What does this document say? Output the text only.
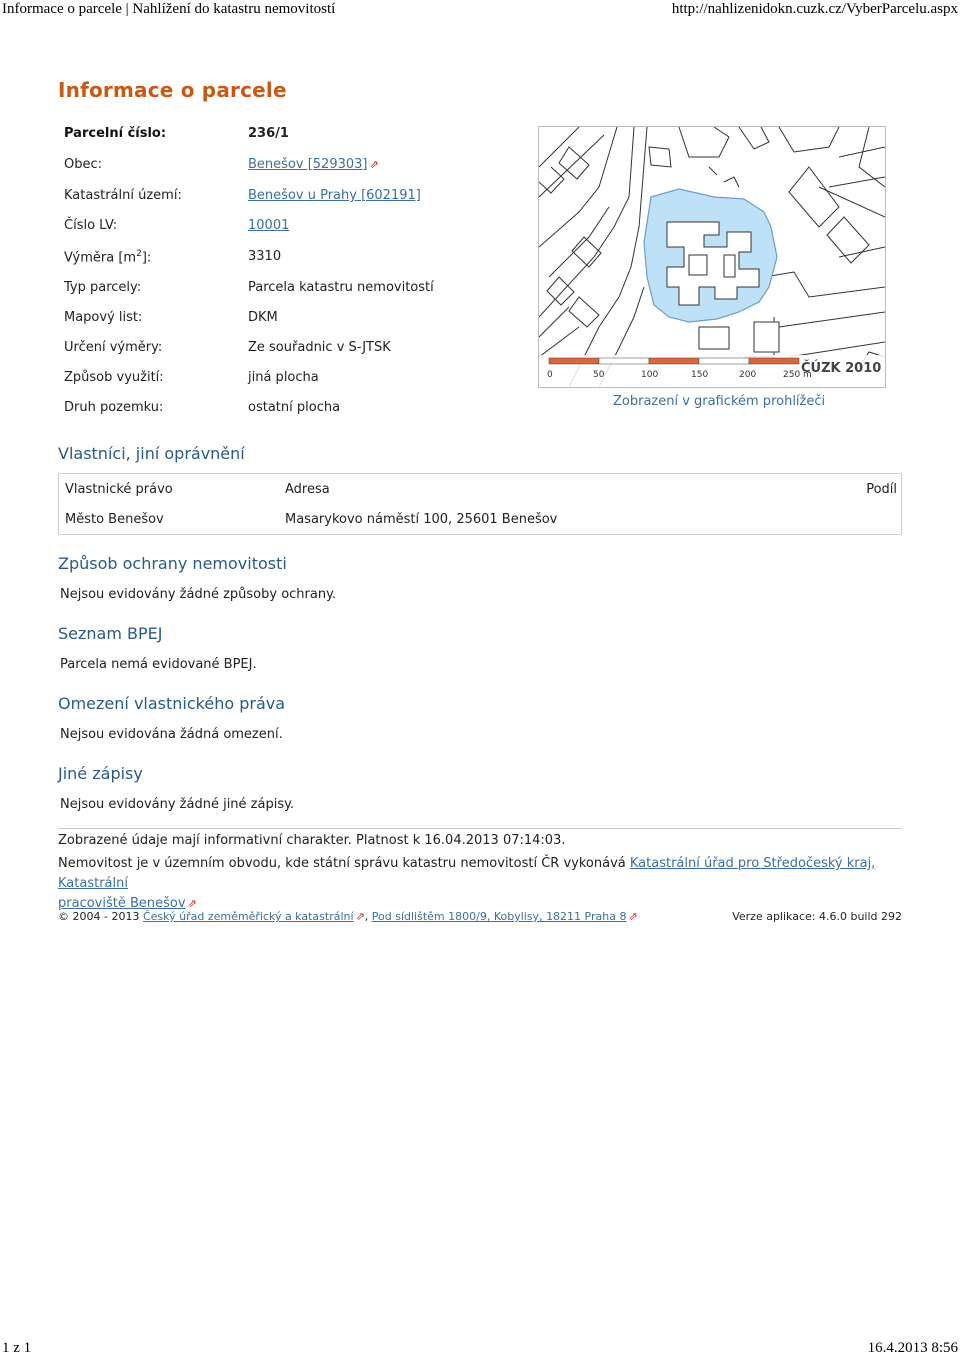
Informace o parcele | Nahlížení do katastru nemovitostí	http://nahlizenidokn.cuzk.cz/VyberParcelu.aspx
Informace o parcele
Parcelní číslo:	236/1
Obec:	Benešov [529303] ⇗
Katastrální území:	Benešov u Prahy [602191]
Číslo LV:	10001
Výměra $[m^2]$:	3310
Typ parcely:	Parcela katastru nemovitostí
Mapový list:	DKM
Určení výměry:	Ze souřadnic v S-JTSK
Způsob využití:	jiná plocha
Druh pozemku:	ostatní plocha
0	50	100	150	200	250 m
ČÚZK 2010
Zobrazení v grafickém prohlížeči
Vlastníci, jiní oprávnění
Vlastnické právo	Adresa	Podíl
Město Benešov	Masarykovo náměstí 100, 25601 Benešov
Způsob ochrany nemovitosti
Nejsou evidovány žádné způsoby ochrany.
Seznam BPEJ
Parcela nemá evidované BPEJ.
Omezení vlastnického práva
Nejsou evidována žádná omezení.
Jiné zápisy
Nejsou evidovány žádné jiné zápisy.
Zobrazené údaje mají informativní charakter. Platnost k 16.04.2013 07:14:03.
Nemovitost je v územním obvodu, kde státní správu katastru nemovitostí ČR vykonává Katastrální úřad pro Středočeský kraj, Katastrální
pracoviště Benešov ⇗
© 2004 - 2013 Český úřad zeměměřický a katastrální ⇗, Pod sídlištěm 1800/9, Kobylisy, 18211 Praha 8 ⇗	Verze aplikace: 4.6.0 build 292
1 z 1	16.4.2013 8:56
